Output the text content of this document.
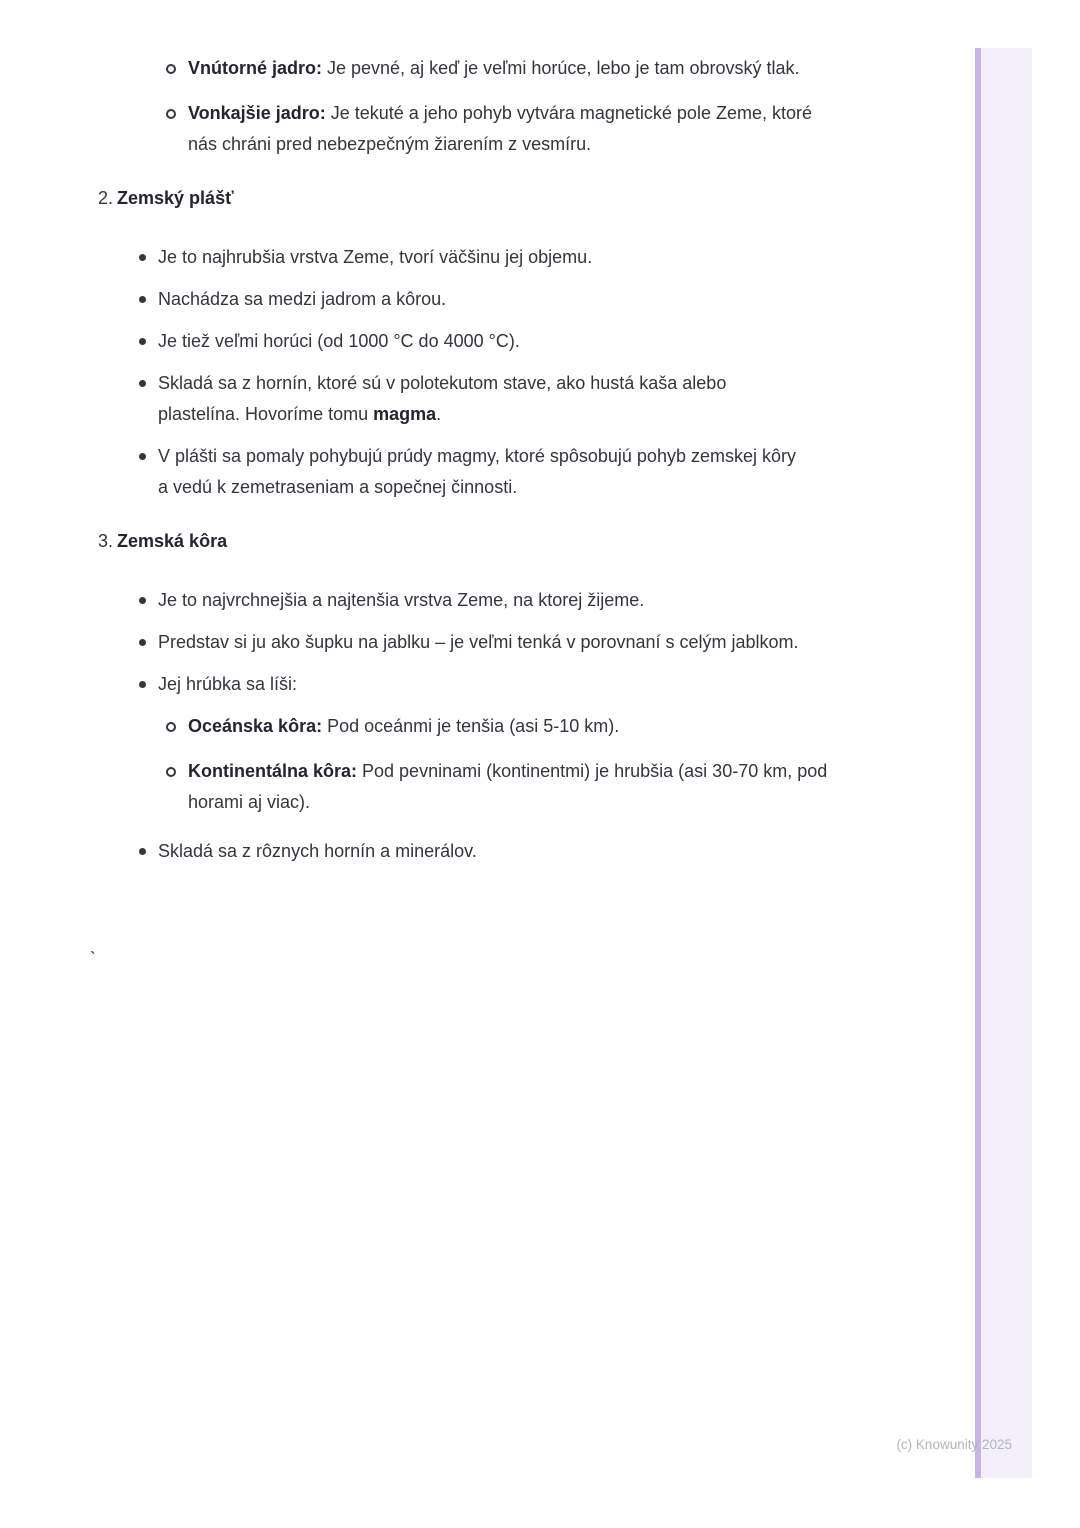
Vnútorné jadro: Je pevné, aj keď je veľmi horúce, lebo je tam obrovský tlak.
Vonkajšie jadro: Je tekuté a jeho pohyb vytvára magnetické pole Zeme, ktoré nás chráni pred nebezpečným žiarením z vesmíru.
2. Zemský plášť
Je to najhrubšia vrstva Zeme, tvorí väčšinu jej objemu.
Nachádza sa medzi jadrom a kôrou.
Je tiež veľmi horúci (od 1000 °C do 4000 °C).
Skladá sa z hornín, ktoré sú v polotekutom stave, ako hustá kaša alebo plastelína. Hovoríme tomu magma.
V plášti sa pomaly pohybujú prúdy magmy, ktoré spôsobujú pohyb zemskej kôry a vedú k zemetraseniam a sopečnej činnosti.
3. Zemská kôra
Je to najvrchnejšia a najtenšia vrstva Zeme, na ktorej žijeme.
Predstav si ju ako šupku na jablku – je veľmi tenká v porovnaní s celým jablkom.
Jej hrúbka sa líši:
Oceánska kôra: Pod oceánmi je tenšia (asi 5-10 km).
Kontinentálna kôra: Pod pevninami (kontinentmi) je hrubšia (asi 30-70 km, pod horami aj viac).
Skladá sa z rôznych hornín a minerálov.
`
(c) Knowunity 2025
